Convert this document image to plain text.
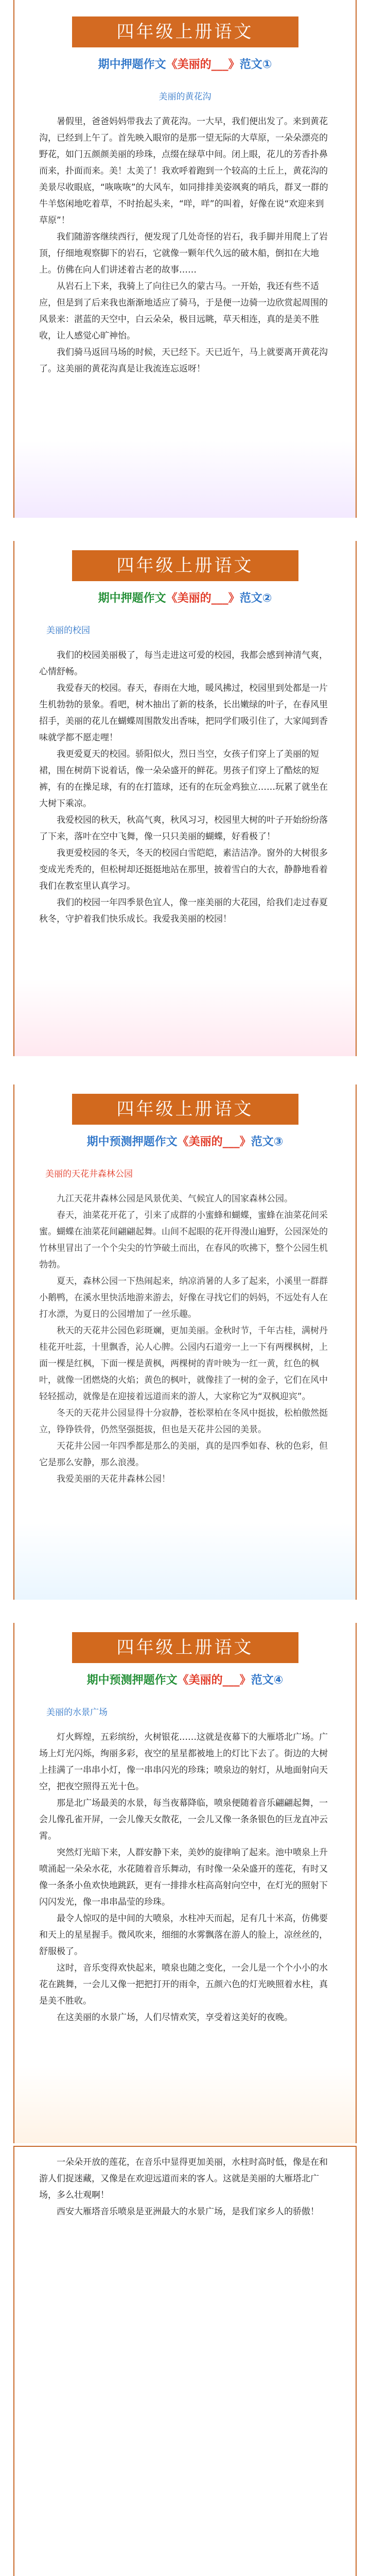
四年级上册语文
期中押题作文《美丽的___》范文①
美丽的黄花沟

暑假里，爸爸妈妈带我去了黄花沟。一大早，我们便出发了。来到黄花沟，已经到上午了。首先映入眼帘的是那一望无际的大草原，一朵朵漂亮的野花，如门五颜颜美丽的珍珠，点缀在绿草中间。闭上眼，花儿的芳香扑鼻而来，扑面而来。美！太美了！我欢呼着跑到一个较高的土丘上，黄花沟的美景尽收眼底，“咴咴咴”的大风车，如同排排美姿飒爽的哨兵，群叉一群的牛羊悠闲地吃着草，不时抬起头来，“咩，咩”的叫着，好像在说“欢迎来到草原”！

我们随游客继续西行，便发现了几处奇怪的岩石，我手脚并用爬上了岩顶，仔细地观察脚下的岩石，它就像一颗年代久远的破木船，倒扣在大地上。仿佛在向人们讲述着古老的故事……

从岩石上下来，我骑上了向往已久的蒙古马。一开始，我还有些不适应，但是到了后来我也渐渐地适应了骑马，于是便一边骑一边欣赏起周围的风景来：湛蓝的天空中，白云朵朵，极目远眺，草天相连，真的是美不胜收，让人感觉心旷神怡。

我们骑马返回马场的时候，天已经下。天已近午，马上就要离开黄花沟了。这美丽的黄花沟真是让我流连忘返呀！

四年级上册语文
期中押题作文《美丽的___》范文②
美丽的校园

我们的校园美丽极了，每当走进这可爱的校园，我都会感到神清气爽，心情舒畅。

我爱春天的校园。春天，春雨在大地，暖风拂过，校园里到处都是一片生机勃勃的景象。看吧，树木抽出了新的枝条，长出嫩绿的叶子，在春风里招手，美丽的花儿在蝴蝶周围散发出香味，把同学们吸引住了，大家闻到香味就学都不愿走哩！

我更爱夏天的校园。骄阳似火，烈日当空，女孩子们穿上了美丽的短裙，围在树荫下说着话，像一朵朵盛开的鲜花。男孩子们穿上了酷炫的短裤，有的在操足球，有的在打篮球，还有的在玩金鸡独立……玩累了就坐在大树下乘凉。

我爱校园的秋天，秋高气爽，秋风习习，校园里大树的叶子开始纷纷落了下来，落叶在空中飞舞，像一只只美丽的蝴蝶，好看极了！

我更爱校园的冬天，冬天的校园白雪皑皑，素洁洁净。窗外的大树很多变成光秃秃的，但松树却还挺挺地站在那里，披着雪白的大衣，静静地看着我们在教室里认真学习。

我们的校园一年四季景色宜人，像一座美丽的大花园，给我们走过春夏秋冬，守护着我们快乐成长。我爱我美丽的校园！

四年级上册语文
期中预测押题作文《美丽的___》范文③
美丽的天花井森林公园

九江天花井森林公园是风景优美、气候宜人的国家森林公园。

春天，油菜花开花了，引来了成群的小蜜蜂和蝴蝶，蜜蜂在油菜花间采蜜。蝴蝶在油菜花间翩翩起舞。山间不起眼的花开得漫山遍野，公园深处的竹林里冒出了一个个尖尖的竹笋破土而出，在春风的吹拂下，整个公园生机勃勃。

夏天，森林公园一下热闹起来，纳凉消暑的人多了起来，小溪里一群群小鹅鸭，在溪水里快活地游来游去，好像在寻找它们的妈妈，不远处有人在打水漂，为夏日的公园增加了一丝乐趣。

秋天的天花井公园色彩斑斓，更加美丽。金秋时节，千年古桂，满树丹桂花开吐蕊，十里飘香，沁人心脾。公园内石道旁一上一下有两棵枫树，上面一棵是红枫，下面一棵是黄枫，两棵树的青叶映为一红一黄，红色的枫叶，就像一团燃烧的火焰；黄色的枫叶，就像挂了一树的金子，它们在风中轻轻摇动，就像是在迎接着远道而来的游人，大家称它为“双枫迎宾”。

冬天的天花井公园显得十分寂静，苍松翠柏在冬风中挺拔，松柏傲然挺立，铮铮铁骨，仍然坚强挺拔，但也是天花井公园的美景。

天花井公园一年四季都是那么的美丽，真的是四季如春、秋的色彩，但它是那么安静，那么浪漫。

我爱美丽的天花井森林公园！

四年级上册语文
期中预测押题作文《美丽的___》范文④
美丽的水景广场

灯火辉煌，五彩缤纷，火树银花……这就是夜幕下的大雁塔北广场。广场上灯光闪烁，绚丽多彩，夜空的星星都被地上的灯比下去了。街边的大树上挂满了一串串小灯，像一串串闪光的珍珠；喷泉边的射灯，从地面射向天空，把夜空照得五光十色。

那是北广场最美的水景，每当夜幕降临，喷泉便随着音乐翩翩起舞，一会儿像孔雀开屏，一会儿像天女散花，一会儿又像一条条银色的巨龙直冲云霄。

突然灯光暗下来，人群安静下来，美妙的旋律响了起来。池中喷泉上升喷涌起一朵朵水花，水花随着音乐舞动，有时像一朵朵盛开的莲花，有时又像一条条小鱼欢快地跳跃，更有一排排水柱高高射向空中，在灯光的照射下闪闪发光，像一串串晶莹的珍珠。

最令人惊叹的是中间的大喷泉，水柱冲天而起，足有几十米高，仿佛要和天上的星星握手。微风吹来，细细的水雾飘落在游人的脸上，凉丝丝的，舒服极了。

这时，音乐变得欢快起来，喷泉也随之变化，一会儿是一个个小小的水花在跳舞，一会儿又像一把把打开的雨伞，五颜六色的灯光映照着水柱，真是美不胜收。

在这美丽的水景广场，人们尽情欢笑，享受着这美好的夜晚。

一朵朵开放的莲花，在音乐中显得更加美丽，水柱时高时低，像是在和游人们捉迷藏，又像是在欢迎远道而来的客人。这就是美丽的大雁塔北广场，多么壮观啊！

西安大雁塔音乐喷泉是亚洲最大的水景广场，是我们家乡人的骄傲！
